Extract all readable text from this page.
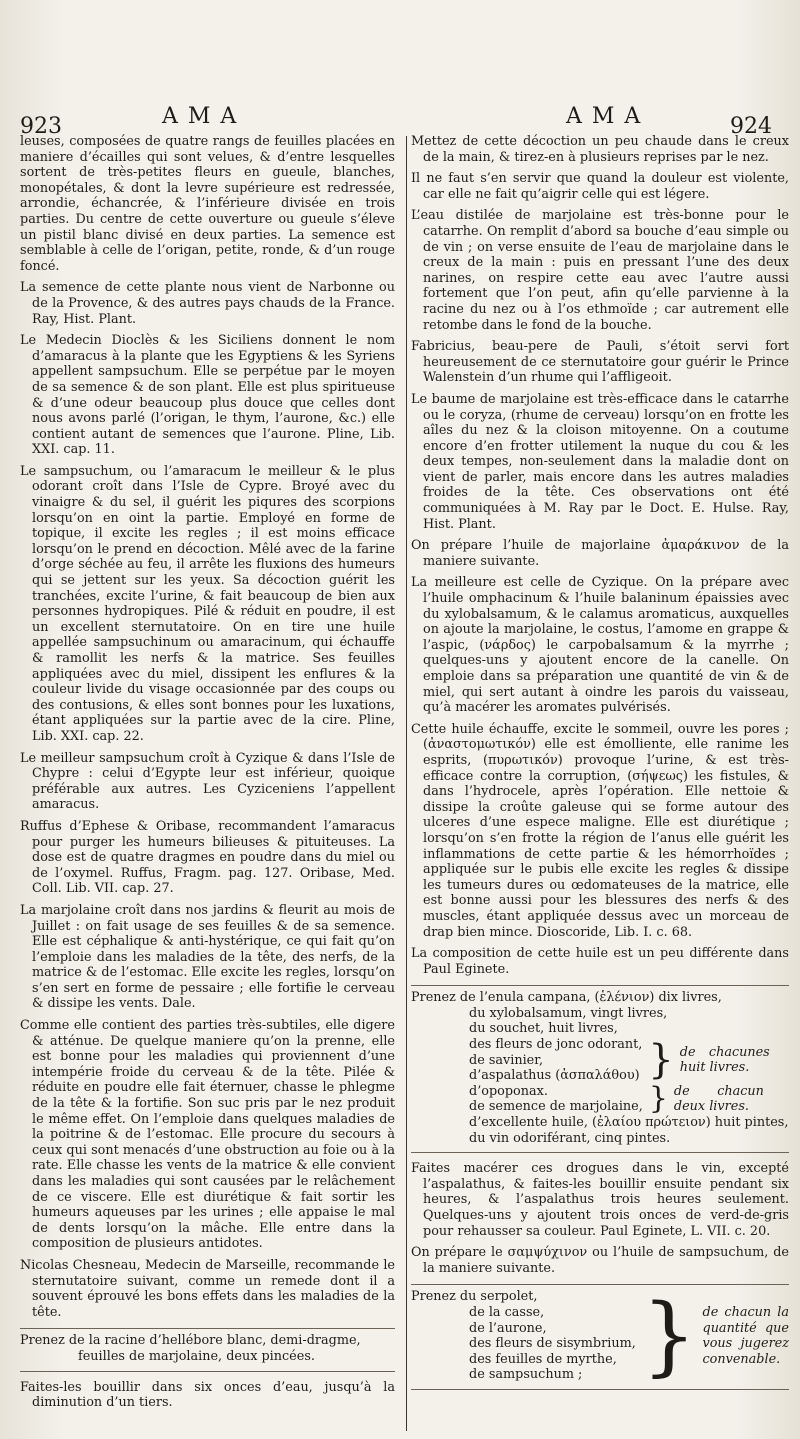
923	AMA	AMA	924

leuses, composées de quatre rangs de feuilles placées en maniere d’écailles qui sont velues, & d’entre lesquelles sortent de très-petites fleurs en gueule, blanches, monopétales, & dont la levre supérieure est redressée, arrondie, échancrée, & l’inférieure divisée en trois parties. Du centre de cette ouverture ou gueule s’éleve un pistil blanc divisé en deux parties. La semence est semblable à celle de l’origan, petite, ronde, & d’un rouge foncé.

La semence de cette plante nous vient de Narbonne ou de la Provence, & des autres pays chauds de la France. Ray, Hist. Plant.

Le Medecin Dioclès & les Siciliens donnent le nom d’amaracus à la plante que les Egyptiens & les Syriens appellent sampsuchum. Elle se perpétue par le moyen de sa semence & de son plant. Elle est plus spiritueuse & d’une odeur beaucoup plus douce que celles dont nous avons parlé (l’origan, le thym, l’aurone, &c.) elle contient autant de semences que l’aurone. Pline, Lib. XXI. cap. 11.

Le sampsuchum, ou l’amaracum le meilleur & le plus odorant croît dans l’Isle de Cypre. Broyé avec du vinaigre & du sel, il guérit les piqures des scorpions lorsqu’on en oint la partie. Employé en forme de topique, il excite les regles ; il est moins efficace lorsqu’on le prend en décoction. Mêlé avec de la farine d’orge séchée au feu, il arrête les fluxions des humeurs qui se jettent sur les yeux. Sa décoction guérit les tranchées, excite l’urine, & fait beaucoup de bien aux personnes hydropiques. Pilé & réduit en poudre, il est un excellent sternutatoire. On en tire une huile appellée sampsuchinum ou amaracinum, qui échauffe & ramollit les nerfs & la matrice. Ses feuilles appliquées avec du miel, dissipent les enflures & la couleur livide du visage occasionnée par des coups ou des contusions, & elles sont bonnes pour les luxations, étant appliquées sur la partie avec de la cire. Pline, Lib. XXI. cap. 22.

Le meilleur sampsuchum croît à Cyzique & dans l’Isle de Chypre : celui d’Egypte leur est inférieur, quoique préférable aux autres. Les Cyziceniens l’appellent amaracus.

Ruffus d’Ephese & Oribase, recommandent l’amaracus pour purger les humeurs bilieuses & pituiteuses. La dose est de quatre dragmes en poudre dans du miel ou de l’oxymel. Ruffus, Fragm. pag. 127. Oribase, Med. Coll. Lib. VII. cap. 27.

La marjolaine croît dans nos jardins & fleurit au mois de Juillet : on fait usage de ses feuilles & de sa semence. Elle est céphalique & anti-hystérique, ce qui fait qu’on l’emploie dans les maladies de la tête, des nerfs, de la matrice & de l’estomac. Elle excite les regles, lorsqu’on s’en sert en forme de pessaire ; elle fortifie le cerveau & dissipe les vents. Dale.

Comme elle contient des parties très-subtiles, elle digere & atténue. De quelque maniere qu’on la prenne, elle est bonne pour les maladies qui proviennent d’une intempérie froide du cerveau & de la tête. Pilée & réduite en poudre elle fait éternuer, chasse le phlegme de la tête & la fortifie. Son suc pris par le nez produit le même effet. On l’emploie dans quelques maladies de la poitrine & de l’estomac. Elle procure du secours à ceux qui sont menacés d’une obstruction au foie ou à la rate. Elle chasse les vents de la matrice & elle convient dans les maladies qui sont causées par le relâchement de ce viscere. Elle est diurétique & fait sortir les humeurs aqueuses par les urines ; elle appaise le mal de dents lorsqu’on la mâche. Elle entre dans la composition de plusieurs antidotes.

Nicolas Chesneau, Medecin de Marseille, recommande le sternutatoire suivant, comme un remede dont il a souvent éprouvé les bons effets dans les maladies de la tête.

Prenez de la racine d’hellébore blanc, demi-dragme,

feuilles de marjolaine, deux pincées.

Faites-les bouillir dans six onces d’eau, jusqu’à la diminution d’un tiers.

Mettez de cette décoction un peu chaude dans le creux de la main, & tirez-en à plusieurs reprises par le nez.

Il ne faut s’en servir que quand la douleur est violente, car elle ne fait qu’aigrir celle qui est légere.

L’eau distilée de marjolaine est très-bonne pour le catarrhe. On remplit d’abord sa bouche d’eau simple ou de vin ; on verse ensuite de l’eau de marjolaine dans le creux de la main : puis en pressant l’une des deux narines, on respire cette eau avec l’autre aussi fortement que l’on peut, afin qu’elle parvienne à la racine du nez ou à l’os ethmoïde ; car autrement elle retombe dans le fond de la bouche.

Fabricius, beau-pere de Pauli, s’étoit servi fort heureusement de ce sternutatoire gour guérir le Prince Walenstein d’un rhume qui l’affligeoit.

Le baume de marjolaine est très-efficace dans le catarrhe ou le coryza, (rhume de cerveau) lorsqu’on en frotte les aîles du nez & la cloison mitoyenne. On a coutume encore d’en frotter utilement la nuque du cou & les deux tempes, non-seulement dans la maladie dont on vient de parler, mais encore dans les autres maladies froides de la tête. Ces observations ont été communiquées à M. Ray par le Doct. E. Hulse. Ray, Hist. Plant.

On prépare l’huile de majorlaine ἀμαράκινον de la maniere suivante.

La meilleure est celle de Cyzique. On la prépare avec l’huile omphacinum & l’huile balaninum épaissies avec du xylobalsamum, & le calamus aromaticus, auxquelles on ajoute la marjolaine, le costus, l’amome en grappe & l’aspic, (νάρδος) le carpobalsamum & la myrrhe ; quelques-uns y ajoutent encore de la canelle. On emploie dans sa préparation une quantité de vin & de miel, qui sert autant à oindre les parois du vaisseau, qu’à macérer les aromates pulvérisés.

Cette huile échauffe, excite le sommeil, ouvre les pores ; (ἀναστομωτικόν) elle est émolliente, elle ranime les esprits, (πυρωτικόν) provoque l’urine, & est très-efficace contre la corruption, (σήψεως) les fistules, & dans l’hydrocele, après l’opération. Elle nettoie & dissipe la croûte galeuse qui se forme autour des ulceres d’une espece maligne. Elle est diurétique ; lorsqu’on s’en frotte la région de l’anus elle guérit les inflammations de cette partie & les hémorrhoïdes ; appliquée sur le pubis elle excite les regles & dissipe les tumeurs dures ou œdomateuses de la matrice, elle est bonne aussi pour les blessures des nerfs & des muscles, étant appliquée dessus avec un morceau de drap bien mince. Dioscoride, Lib. I. c. 68.

La composition de cette huile est un peu différente dans Paul Eginete.

Prenez de l’enula campana, (ἑλένιον) dix livres,

du xylobalsamum, vingt livres,

du souchet, huit livres,

des fleurs de jonc odorant,

de savinier,

d’aspalathus (ἀσπαλάθου) } de chacunes huit livres.

d’opoponax.

de semence de marjolaine, } de chacun deux livres.

d’excellente huile, (ἐλαίου πρώτειον) huit pintes,

du vin odoriférant, cinq pintes.

Faites macérer ces drogues dans le vin, excepté l’aspalathus, & faites-les bouillir ensuite pendant six heures, & l’aspalathus trois heures seulement. Quelques-uns y ajoutent trois onces de verd-de-gris pour rehausser sa couleur. Paul Eginete, L. VII. c. 20.

On prépare le σαμψύχινον ou l’huile de sampsuchum, de la maniere suivante.

Prenez du serpolet,

de la casse,

de l’aurone,

des fleurs de sisymbrium,

des feuilles de myrthe,

de sampsuchum ; } de chacun la quantité que vous jugerez convenable.
